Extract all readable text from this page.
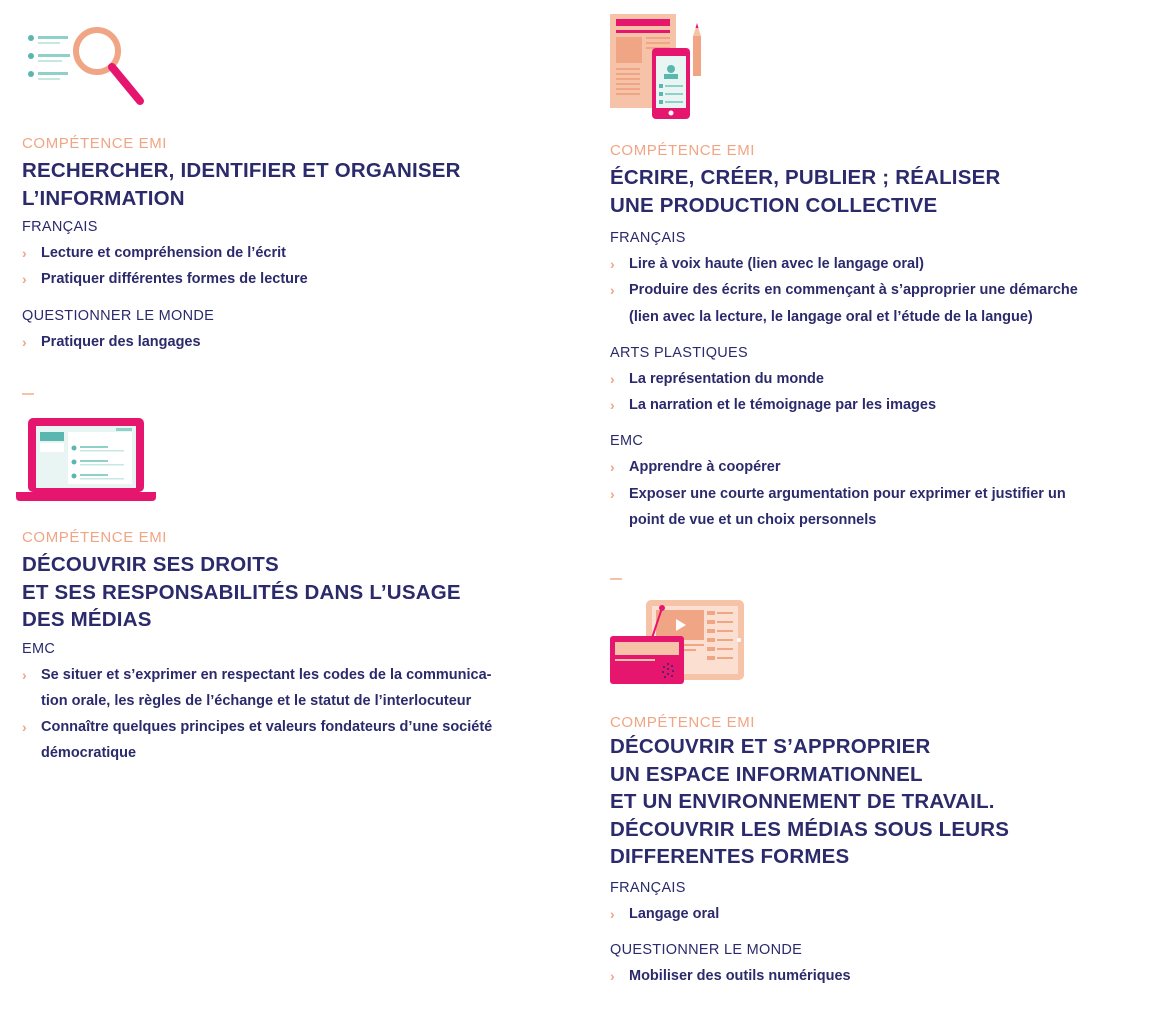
COMPÉTENCE EMI

RECHERCHER, IDENTIFIER ET ORGANISER
L’INFORMATION

FRANÇAIS

› Lecture et compréhension de l’écrit
› Pratiquer différentes formes de lecture

QUESTIONNER LE MONDE

› Pratiquer des langages

COMPÉTENCE EMI

DÉCOUVRIR SES DROITS
ET SES RESPONSABILITÉS DANS L’USAGE
DES MÉDIAS

EMC

› Se situer et s’exprimer en respectant les codes de la communica-
tion orale, les règles de l’échange et le statut de l’interlocuteur
› Connaître quelques principes et valeurs fondateurs d’une société
démocratique

COMPÉTENCE EMI

ÉCRIRE, CRÉER, PUBLIER ; RÉALISER
UNE PRODUCTION COLLECTIVE

FRANÇAIS

› Lire à voix haute (lien avec le langage oral)
› Produire des écrits en commençant à s’approprier une démarche
(lien avec la lecture, le langage oral et l’étude de la langue)

ARTS PLASTIQUES

› La représentation du monde
› La narration et le témoignage par les images

EMC

› Apprendre à coopérer
› Exposer une courte argumentation pour exprimer et justifier un
point de vue et un choix personnels

COMPÉTENCE EMI

DÉCOUVRIR ET S’APPROPRIER
UN ESPACE INFORMATIONNEL
ET UN ENVIRONNEMENT DE TRAVAIL.
DÉCOUVRIR LES MÉDIAS SOUS LEURS
DIFFERENTES FORMES

FRANÇAIS

› Langage oral

QUESTIONNER LE MONDE

› Mobiliser des outils numériques
